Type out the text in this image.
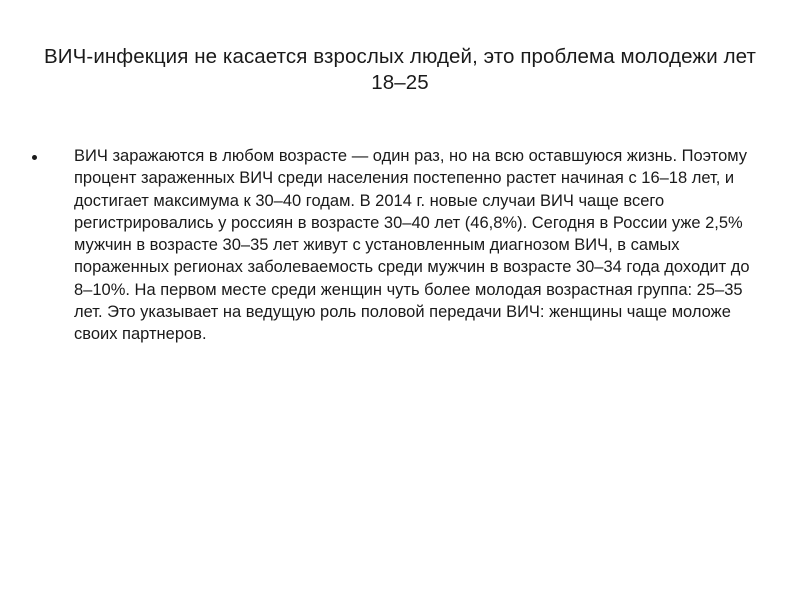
ВИЧ-инфекция не касается взрослых людей, это проблема молодежи лет 18–25
ВИЧ заражаются в любом возрасте — один раз, но на всю оставшуюся жизнь. Поэтому процент зараженных ВИЧ среди населения постепенно растет начиная с 16–18 лет, и достигает максимума к 30–40 годам. В 2014 г. новые случаи ВИЧ чаще всего регистрировались у россиян в возрасте 30–40 лет (46,8%). Сегодня в России уже 2,5% мужчин в возрасте 30–35 лет живут с установленным диагнозом ВИЧ, в самых пораженных регионах заболеваемость среди мужчин в возрасте 30–34 года доходит до 8–10%. На первом месте среди женщин чуть более молодая возрастная группа: 25–35 лет. Это указывает на ведущую роль половой передачи ВИЧ: женщины чаще моложе своих партнеров.
